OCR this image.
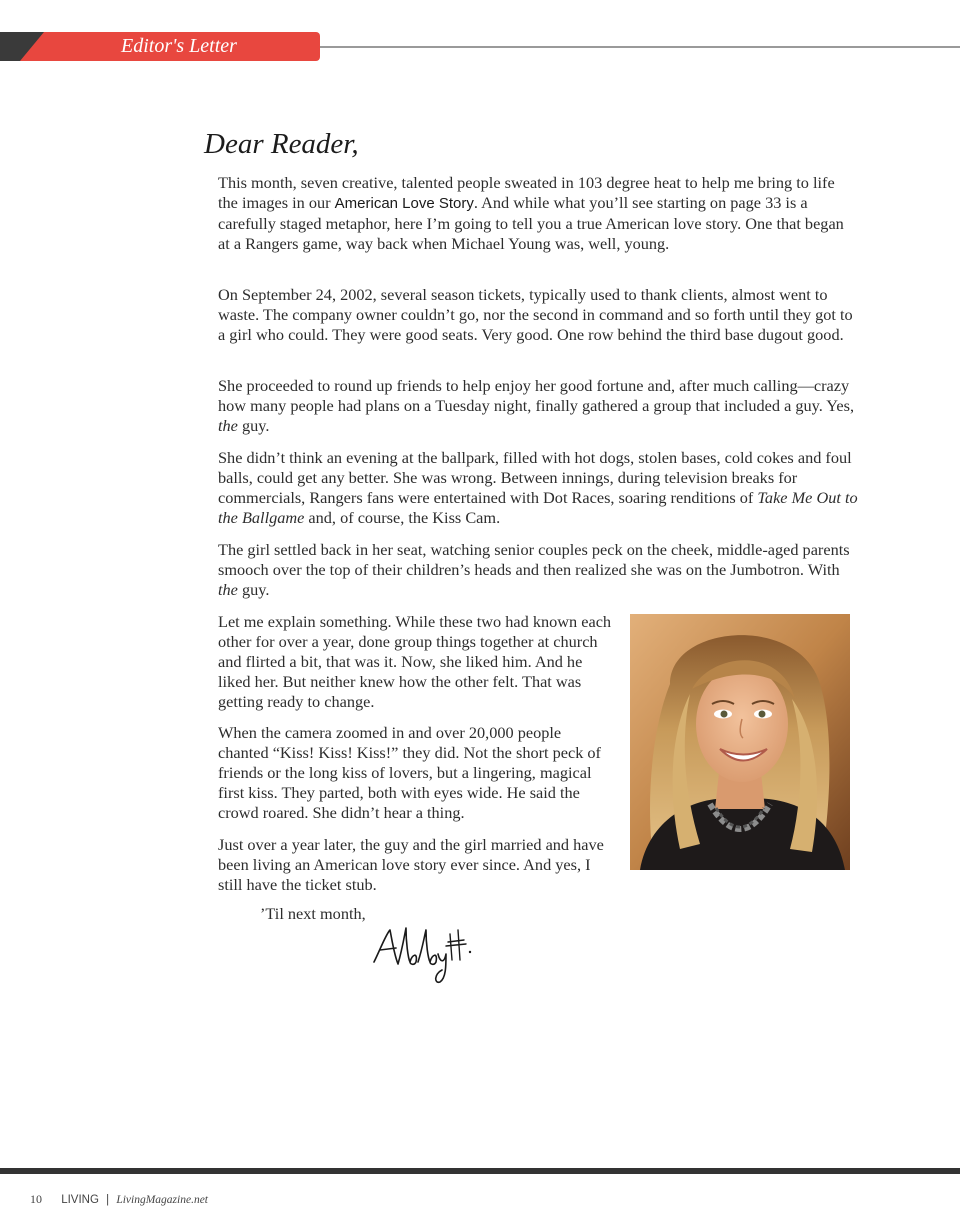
Editor's Letter
Dear Reader,

This month, seven creative, talented people sweated in 103 degree heat to help me bring to life the images in our American Love Story. And while what you’ll see starting on page 33 is a carefully staged metaphor, here I’m going to tell you a true American love story. One that began at a Rangers game, way back when Michael Young was, well, young.

On September 24, 2002, several season tickets, typically used to thank clients, almost went to waste. The company owner couldn’t go, nor the second in command and so forth until they got to a girl who could. They were good seats. Very good. One row behind the third base dugout good.

She proceeded to round up friends to help enjoy her good fortune and, after much calling—crazy how many people had plans on a Tuesday night, finally gathered a group that included a guy. Yes, the guy.

She didn’t think an evening at the ballpark, filled with hot dogs, stolen bases, cold cokes and foul balls, could get any better. She was wrong. Between innings, during television breaks for commercials, Rangers fans were entertained with Dot Races, soaring renditions of Take Me Out to the Ballgame and, of course, the Kiss Cam.

The girl settled back in her seat, watching senior couples peck on the cheek, middle-aged parents smooch over the top of their children’s heads and then realized she was on the Jumbotron. With the guy.

Let me explain something. While these two had known each other for over a year, done group things together at church and flirted a bit, that was it. Now, she liked him. And he liked her. But neither knew how the other felt. That was getting ready to change.

When the camera zoomed in and over 20,000 people chanted “Kiss! Kiss! Kiss!” they did. Not the short peck of friends or the long kiss of lovers, but a lingering, magical first kiss. They parted, both with eyes wide. He said the crowd roared. She didn’t hear a thing.

Just over a year later, the guy and the girl married and have been living an American love story ever since. And yes, I still have the ticket stub.

’Til next month,
10 LIVING | LivingMagazine.net
